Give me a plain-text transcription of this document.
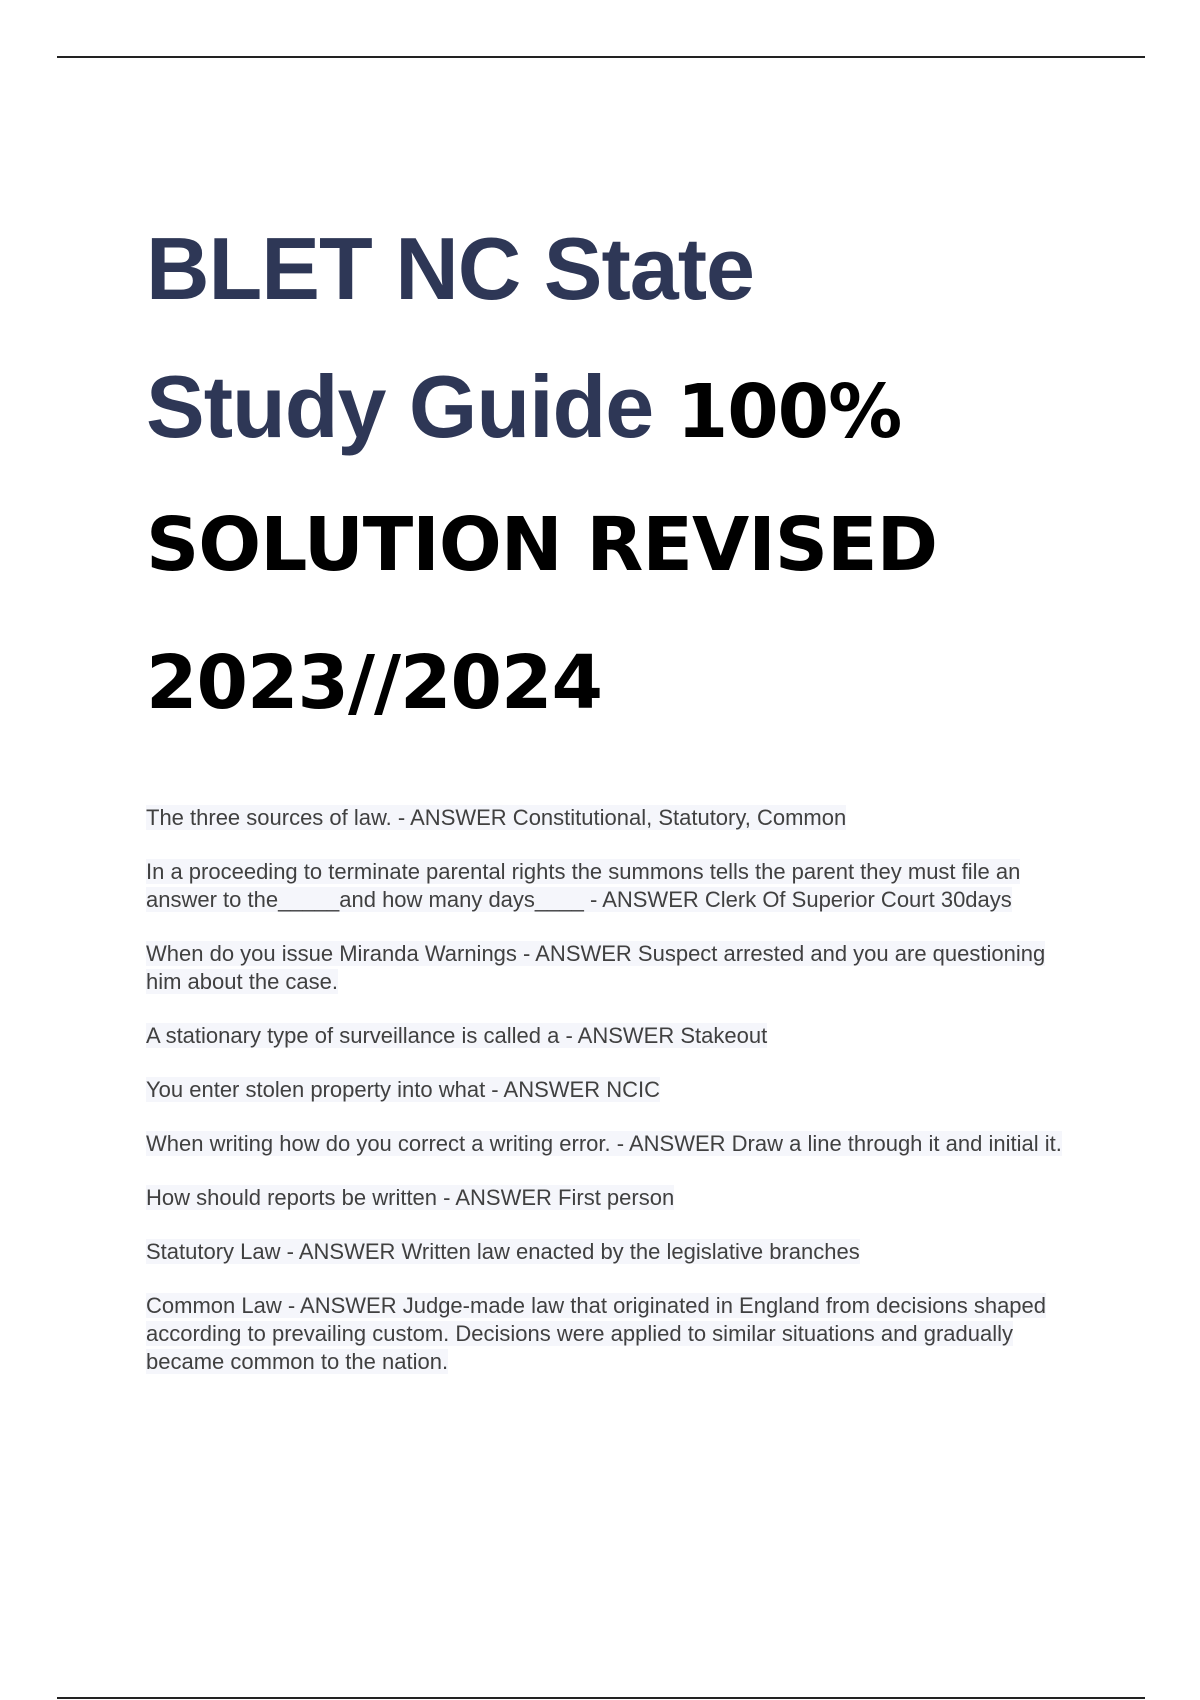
BLET NC State
Study Guide 100%
SOLUTION REVISED
2023//2024
The three sources of law. - ANSWER Constitutional, Statutory, Common
In a proceeding to terminate parental rights the summons tells the parent they must file an answer to the_____and how many days____ - ANSWER Clerk Of Superior Court 30days
When do you issue Miranda Warnings - ANSWER Suspect arrested and you are questioning him about the case.
A stationary type of surveillance is called a - ANSWER Stakeout
You enter stolen property into what - ANSWER NCIC
When writing how do you correct a writing error. - ANSWER Draw a line through it and initial it.
How should reports be written - ANSWER First person
Statutory Law - ANSWER Written law enacted by the legislative branches
Common Law - ANSWER Judge-made law that originated in England from decisions shaped according to prevailing custom. Decisions were applied to similar situations and gradually became common to the nation.
